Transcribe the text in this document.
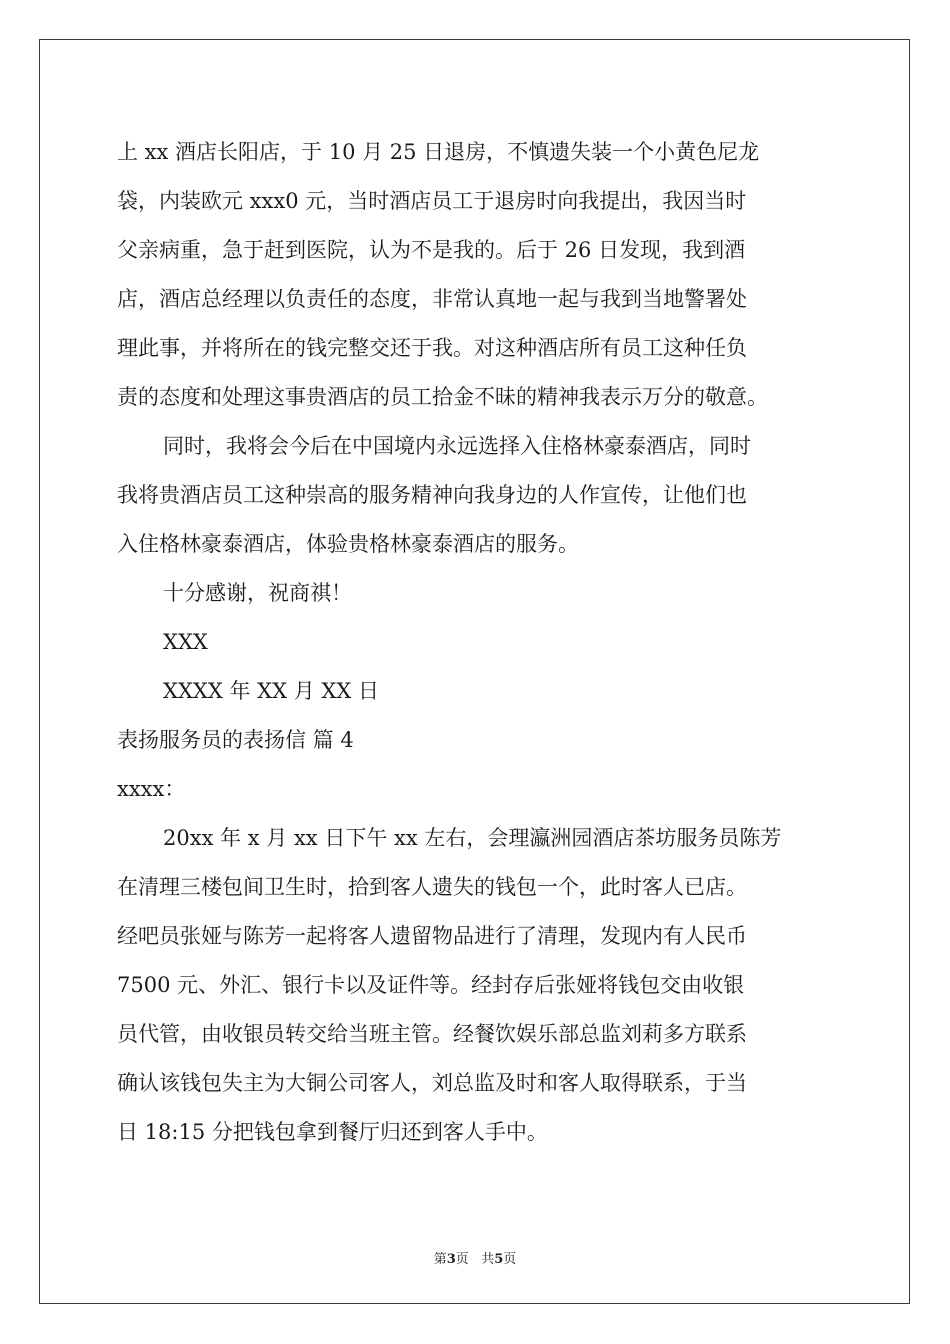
上 xx 酒店长阳店，于 10 月 25 日退房，不慎遗失装一个小黄色尼龙
袋，内装欧元 xxx0 元，当时酒店员工于退房时向我提出，我因当时
父亲病重，急于赶到医院，认为不是我的。后于 26 日发现，我到酒
店，酒店总经理以负责任的态度，非常认真地一起与我到当地警署处
理此事，并将所在的钱完整交还于我。对这种酒店所有员工这种任负
责的态度和处理这事贵酒店的员工拾金不昧的精神我表示万分的敬意。
同时，我将会今后在中国境内永远选择入住格林豪泰酒店，同时
我将贵酒店员工这种崇高的服务精神向我身边的人作宣传，让他们也
入住格林豪泰酒店，体验贵格林豪泰酒店的服务。
十分感谢，祝商祺！
XXX
XXXX 年 XX 月 XX 日
表扬服务员的表扬信 篇 4
xxxx：
20xx 年 x 月 xx 日下午 xx 左右，会理瀛洲园酒店茶坊服务员陈芳
在清理三楼包间卫生时，拾到客人遗失的钱包一个，此时客人已店。
经吧员张娅与陈芳一起将客人遗留物品进行了清理，发现内有人民币
7500 元、外汇、银行卡以及证件等。经封存后张娅将钱包交由收银
员代管，由收银员转交给当班主管。经餐饮娱乐部总监刘莉多方联系
确认该钱包失主为大铜公司客人，刘总监及时和客人取得联系，于当
日 18:15 分把钱包拿到餐厅归还到客人手中。
第3页 共5页
